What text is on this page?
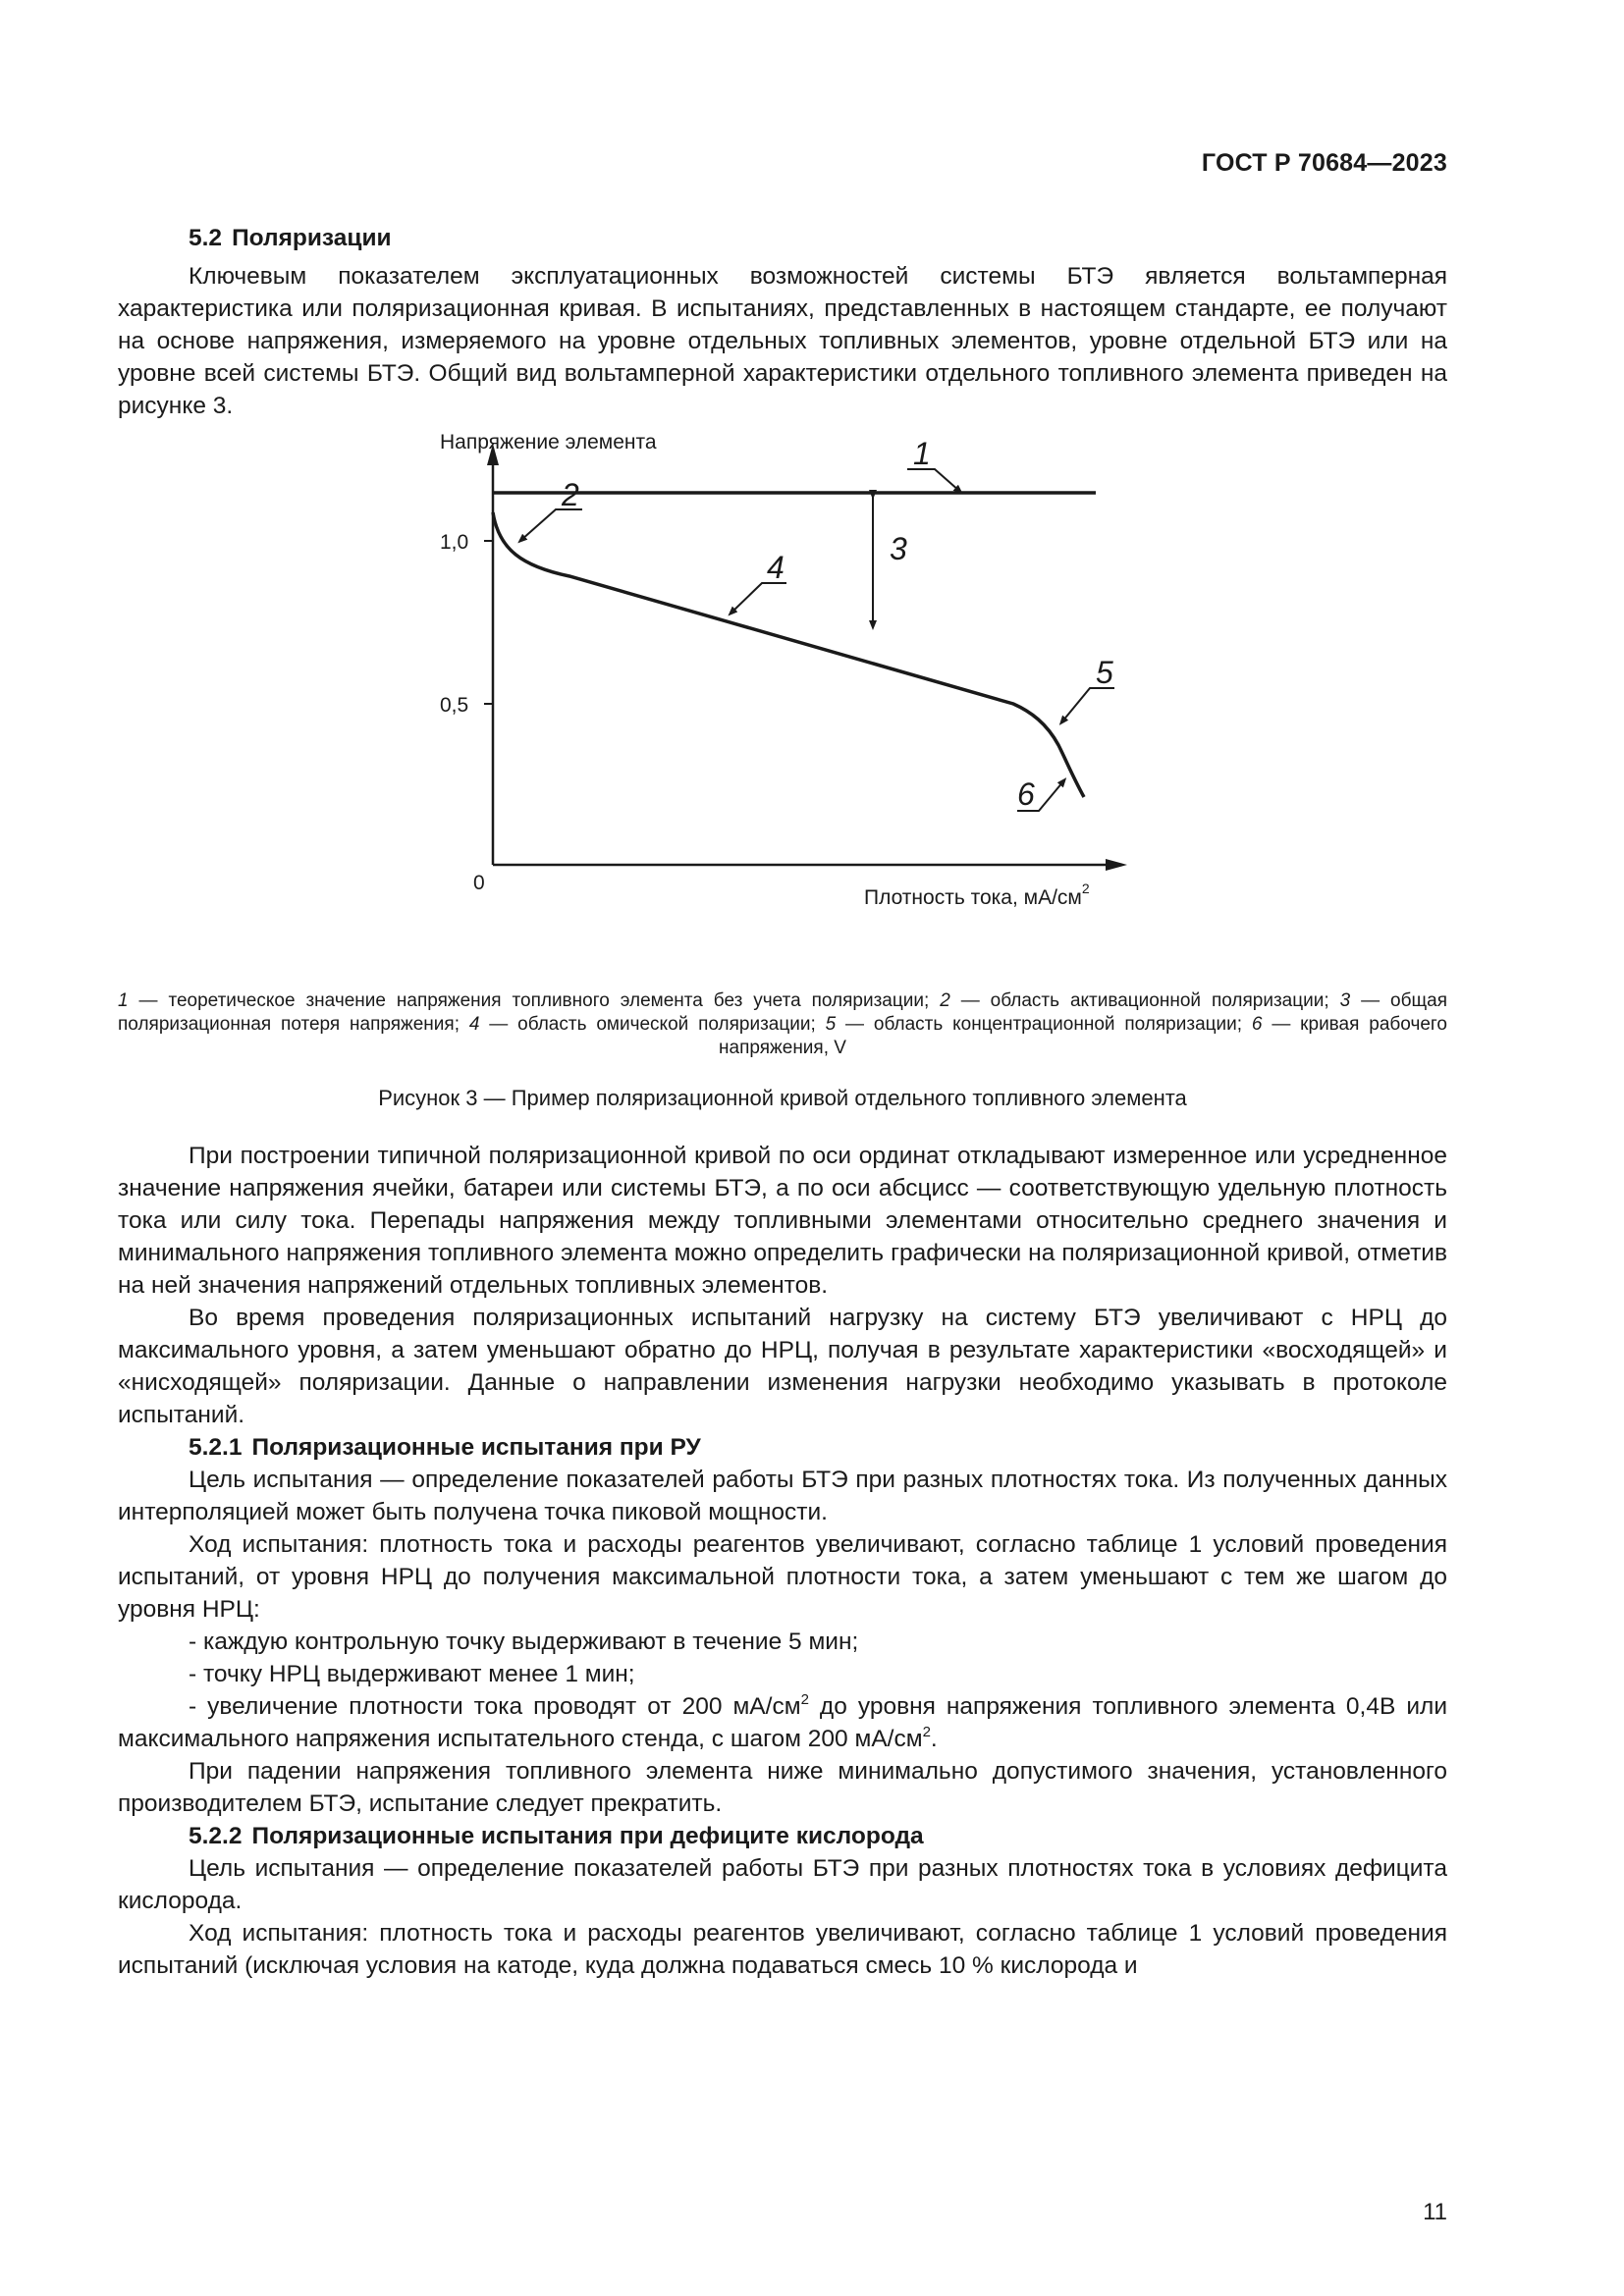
ГОСТ Р 70684—2023
5.2 Поляризации

Ключевым показателем эксплуатационных возможностей системы БТЭ является вольтамперная характеристика или поляризационная кривая. В испытаниях, представленных в настоящем стандарте, ее получают на основе напряжения, измеряемого на уровне отдельных топливных элементов, уровне отдельной БТЭ или на уровне всей системы БТЭ. Общий вид вольтамперной характеристики отдельного топливного элемента приведен на рисунке 3.

Напряжение элемента
1,0
0,5
0
Плотность тока, $мА/см^2$
1
2
3
4
5
6
1 — теоретическое значение напряжения топливного элемента без учета поляризации; 2 — область активационной поляризации; 3 — общая поляризационная потеря напряжения; 4 — область омической поляризации; 5 — область концентрационной поляризации; 6 — кривая рабочего напряжения, V
Рисунок 3 — Пример поляризационной кривой отдельного топливного элемента

При построении типичной поляризационной кривой по оси ординат откладывают измеренное или усредненное значение напряжения ячейки, батареи или системы БТЭ, а по оси абсцисс — соответствующую удельную плотность тока или силу тока. Перепады напряжения между топливными элементами относительно среднего значения и минимального напряжения топливного элемента можно определить графически на поляризационной кривой, отметив на ней значения напряжений отдельных топливных элементов.

Во время проведения поляризационных испытаний нагрузку на систему БТЭ увеличивают с НРЦ до максимального уровня, а затем уменьшают обратно до НРЦ, получая в результате характеристики «восходящей» и «нисходящей» поляризации. Данные о направлении изменения нагрузки необходимо указывать в протоколе испытаний.

5.2.1 Поляризационные испытания при РУ

Цель испытания — определение показателей работы БТЭ при разных плотностях тока. Из полученных данных интерполяцией может быть получена точка пиковой мощности.

Ход испытания: плотность тока и расходы реагентов увеличивают, согласно таблице 1 условий проведения испытаний, от уровня НРЦ до получения максимальной плотности тока, а затем уменьшают с тем же шагом до уровня НРЦ:

- каждую контрольную точку выдерживают в течение 5 мин;
- точку НРЦ выдерживают менее 1 мин;

- увеличение плотности тока проводят от 200 $мА/см^2$ до уровня напряжения топливного элемента 0,4В или максимального напряжения испытательного стенда, с шагом 200 $мА/см^2$.

При падении напряжения топливного элемента ниже минимально допустимого значения, установленного производителем БТЭ, испытание следует прекратить.

5.2.2 Поляризационные испытания при дефиците кислорода

Цель испытания — определение показателей работы БТЭ при разных плотностях тока в условиях дефицита кислорода.

Ход испытания: плотность тока и расходы реагентов увеличивают, согласно таблице 1 условий проведения испытаний (исключая условия на катоде, куда должна подаваться смесь 10 % кислорода и

11
